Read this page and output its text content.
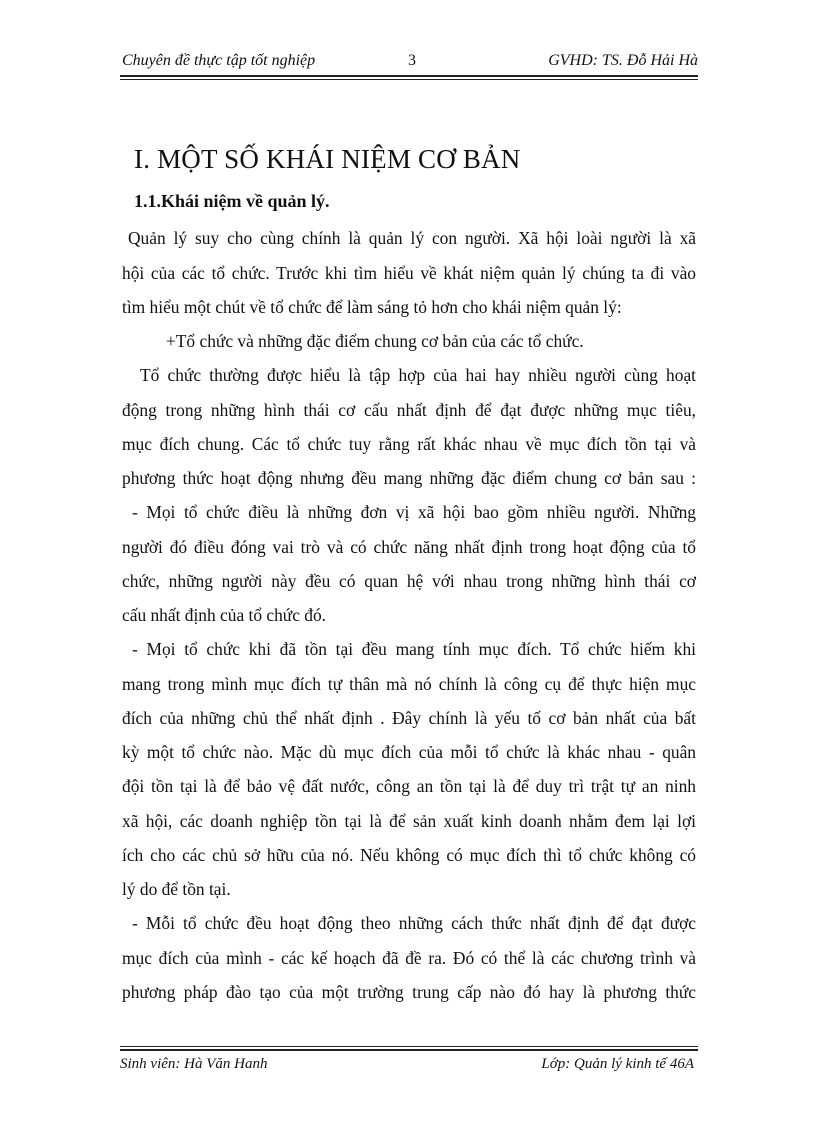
Chuyên đề thực tập tốt nghiệp	3	GVHD: TS. Đỗ Hải Hà
I. MỘT SỐ KHÁI NIỆM CƠ BẢN
1.1.Khái niệm về quản lý.
Quản lý suy cho cùng chính là quản lý con người. Xã hội loài người là xã
hội của các tổ chức. Trước khi tìm hiểu về khát niệm quản lý chúng ta đi vào
tìm hiểu một chút về tổ chức để làm sáng tỏ hơn cho khái niệm quản lý:
+Tổ chức và những đặc điểm chung cơ bản của các tổ chức.
Tổ chức thường được hiểu là tập hợp của hai hay nhiều người cùng hoạt
động trong những hình thái cơ cấu nhất định để đạt được những mục tiêu,
mục đích chung. Các tổ chức tuy rằng rất khác nhau về mục đích tồn tại và
phương thức hoạt động nhưng đều mang những đặc điểm chung cơ bản sau :
- Mọi tổ chức điều là những đơn vị xã hội bao gồm nhiều người. Những
người đó điều đóng vai trò và có chức năng nhất định trong hoạt động của tổ
chức, những người này đều có quan hệ với nhau trong những hình thái cơ
cấu nhất định của tổ chức đó.
- Mọi tổ chức khi đã tồn tại đều mang tính mục đích. Tổ chức hiếm khi
mang trong mình mục đích tự thân mà nó chính là công cụ để thực hiện mục
đích của những chủ thể nhất định . Đây chính là yếu tố cơ bản nhất của bất
kỳ một tổ chức nào. Mặc dù mục đích của mỗi tổ chức là khác nhau - quân
đội tồn tại là để bảo vệ đất nước, công an tồn tại là để duy trì trật tự an ninh
xã hội, các doanh nghiệp tồn tại là để sản xuất kinh doanh nhằm đem lại lợi
ích cho các chủ sở hữu của nó. Nếu không có mục đích thì tổ chức không có
lý do để tồn tại.
- Mỗi tổ chức đều hoạt động theo những cách thức nhất định để đạt được
mục đích của mình - các kế hoạch đã đề ra. Đó có thể là các chương trình và
phương pháp đào tạo của một trường trung cấp nào đó hay là phương thức
Sinh viên: Hà Văn Hanh	Lớp: Quản lý kinh tế 46A
